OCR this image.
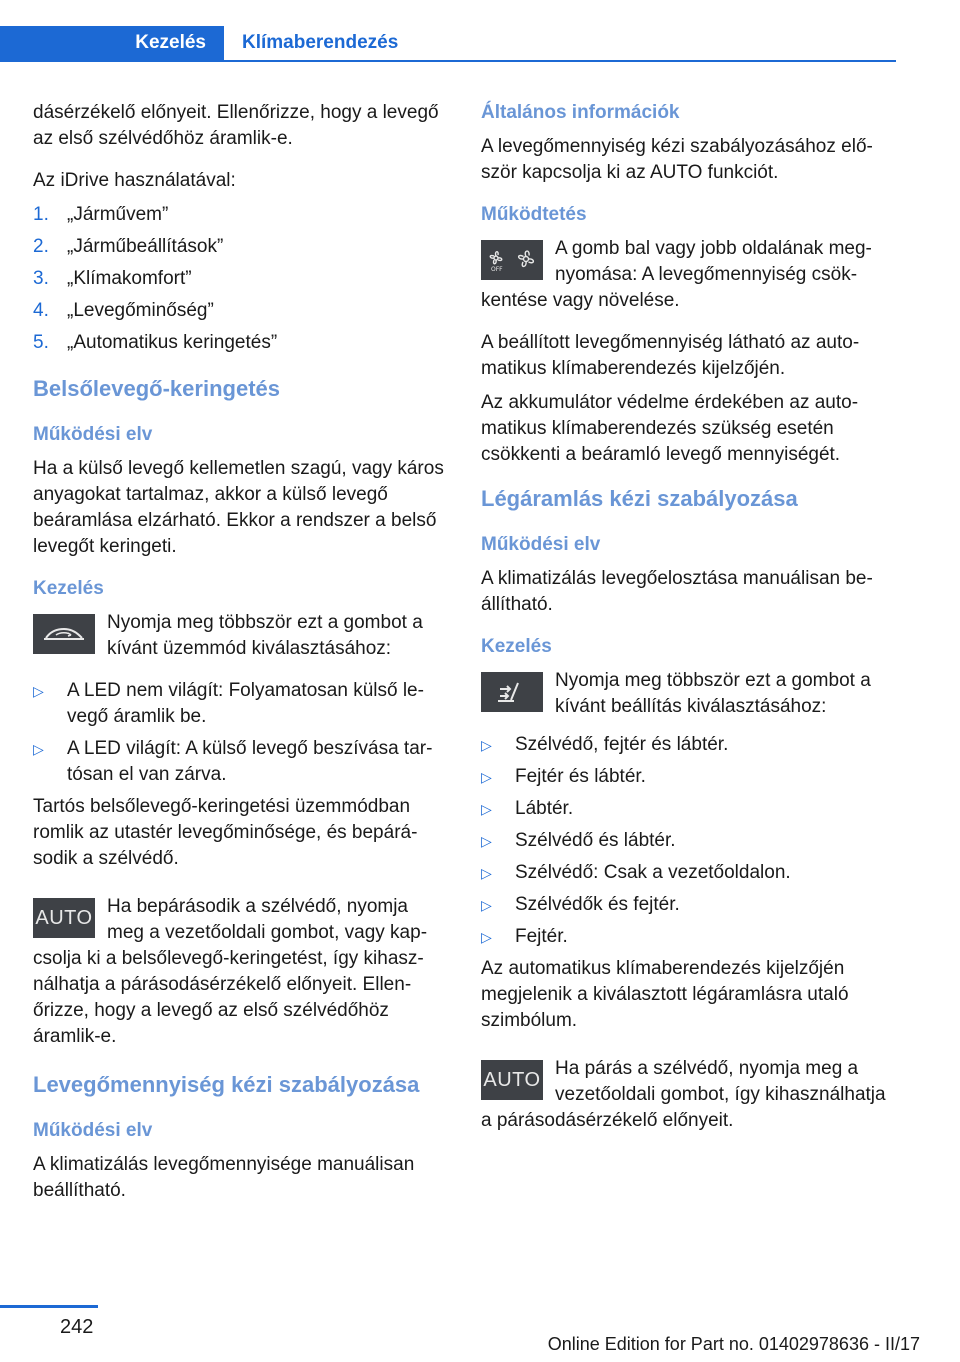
Kezelés	Klímaberendezés

dásérzékelő előnyeit. Ellenőrizze, hogy a levegő az első szélvédőhöz áramlik-e.

Az iDrive használatával:

1. „Járművem”
2. „Járműbeállítások”
3. „Klímakomfort”
4. „Levegőminőség”
5. „Automatikus keringetés”
Belsőlevegő-keringetés
Működési elv

Ha a külső levegő kellemetlen szagú, vagy káros anyagokat tartalmaz, akkor a külső levegő beáramlása elzárható. Ekkor a rendszer a belső levegőt keringeti.

Kezelés
Nyomja meg többször ezt a gombot a kívánt üzemmód kiválasztásához:
▷	A LED nem világít: Folyamatosan külső levegő áramlik be.
▷	A LED világít: A külső levegő beszívása tartósan el van zárva.

Tartós belsőlevegő-keringetési üzemmódban romlik az utastér levegőminősége, és bepárásodik a szélvédő.

AUTO
Ha bepárásodik a szélvédő, nyomja meg a vezetőoldali gombot, vagy kapcsolja ki a belsőlevegő-keringetést, így kihasználhatja a párásodásérzékelő előnyeit. Ellenőrizze, hogy a levegő az első szélvédőhöz áramlik-e.
Levegőmennyiség kézi szabályozása
Működési elv

A klimatizálás levegőmennyisége manuálisan beállítható.

Általános információk

A levegőmennyiség kézi szabályozásához először kapcsolja ki az AUTO funkciót.

Működtetés
OFF
A gomb bal vagy jobb oldalának megnyomása: A levegőmennyiség csökkentése vagy növelése.

A beállított levegőmennyiség látható az automatikus klímaberendezés kijelzőjén.

Az akkumulátor védelme érdekében az automatikus klímaberendezés szükség esetén csökkenti a beáramló levegő mennyiségét.

Légáramlás kézi szabályozása
Működési elv

A klimatizálás levegőelosztása manuálisan beállítható.

Kezelés
Nyomja meg többször ezt a gombot a kívánt beállítás kiválasztásához:
▷	Szélvédő, fejtér és lábtér.
▷	Fejtér és lábtér.
▷	Lábtér.
▷	Szélvédő és lábtér.
▷	Szélvédő: Csak a vezetőoldalon.
▷	Szélvédők és fejtér.
▷	Fejtér.

Az automatikus klímaberendezés kijelzőjén megjelenik a kiválasztott légáramlásra utaló szimbólum.

AUTO
Ha párás a szélvédő, nyomja meg a vezetőoldali gombot, így kihasználhatja a párásodásérzékelő előnyeit.
242
Online Edition for Part no. 01402978636 - II/17
